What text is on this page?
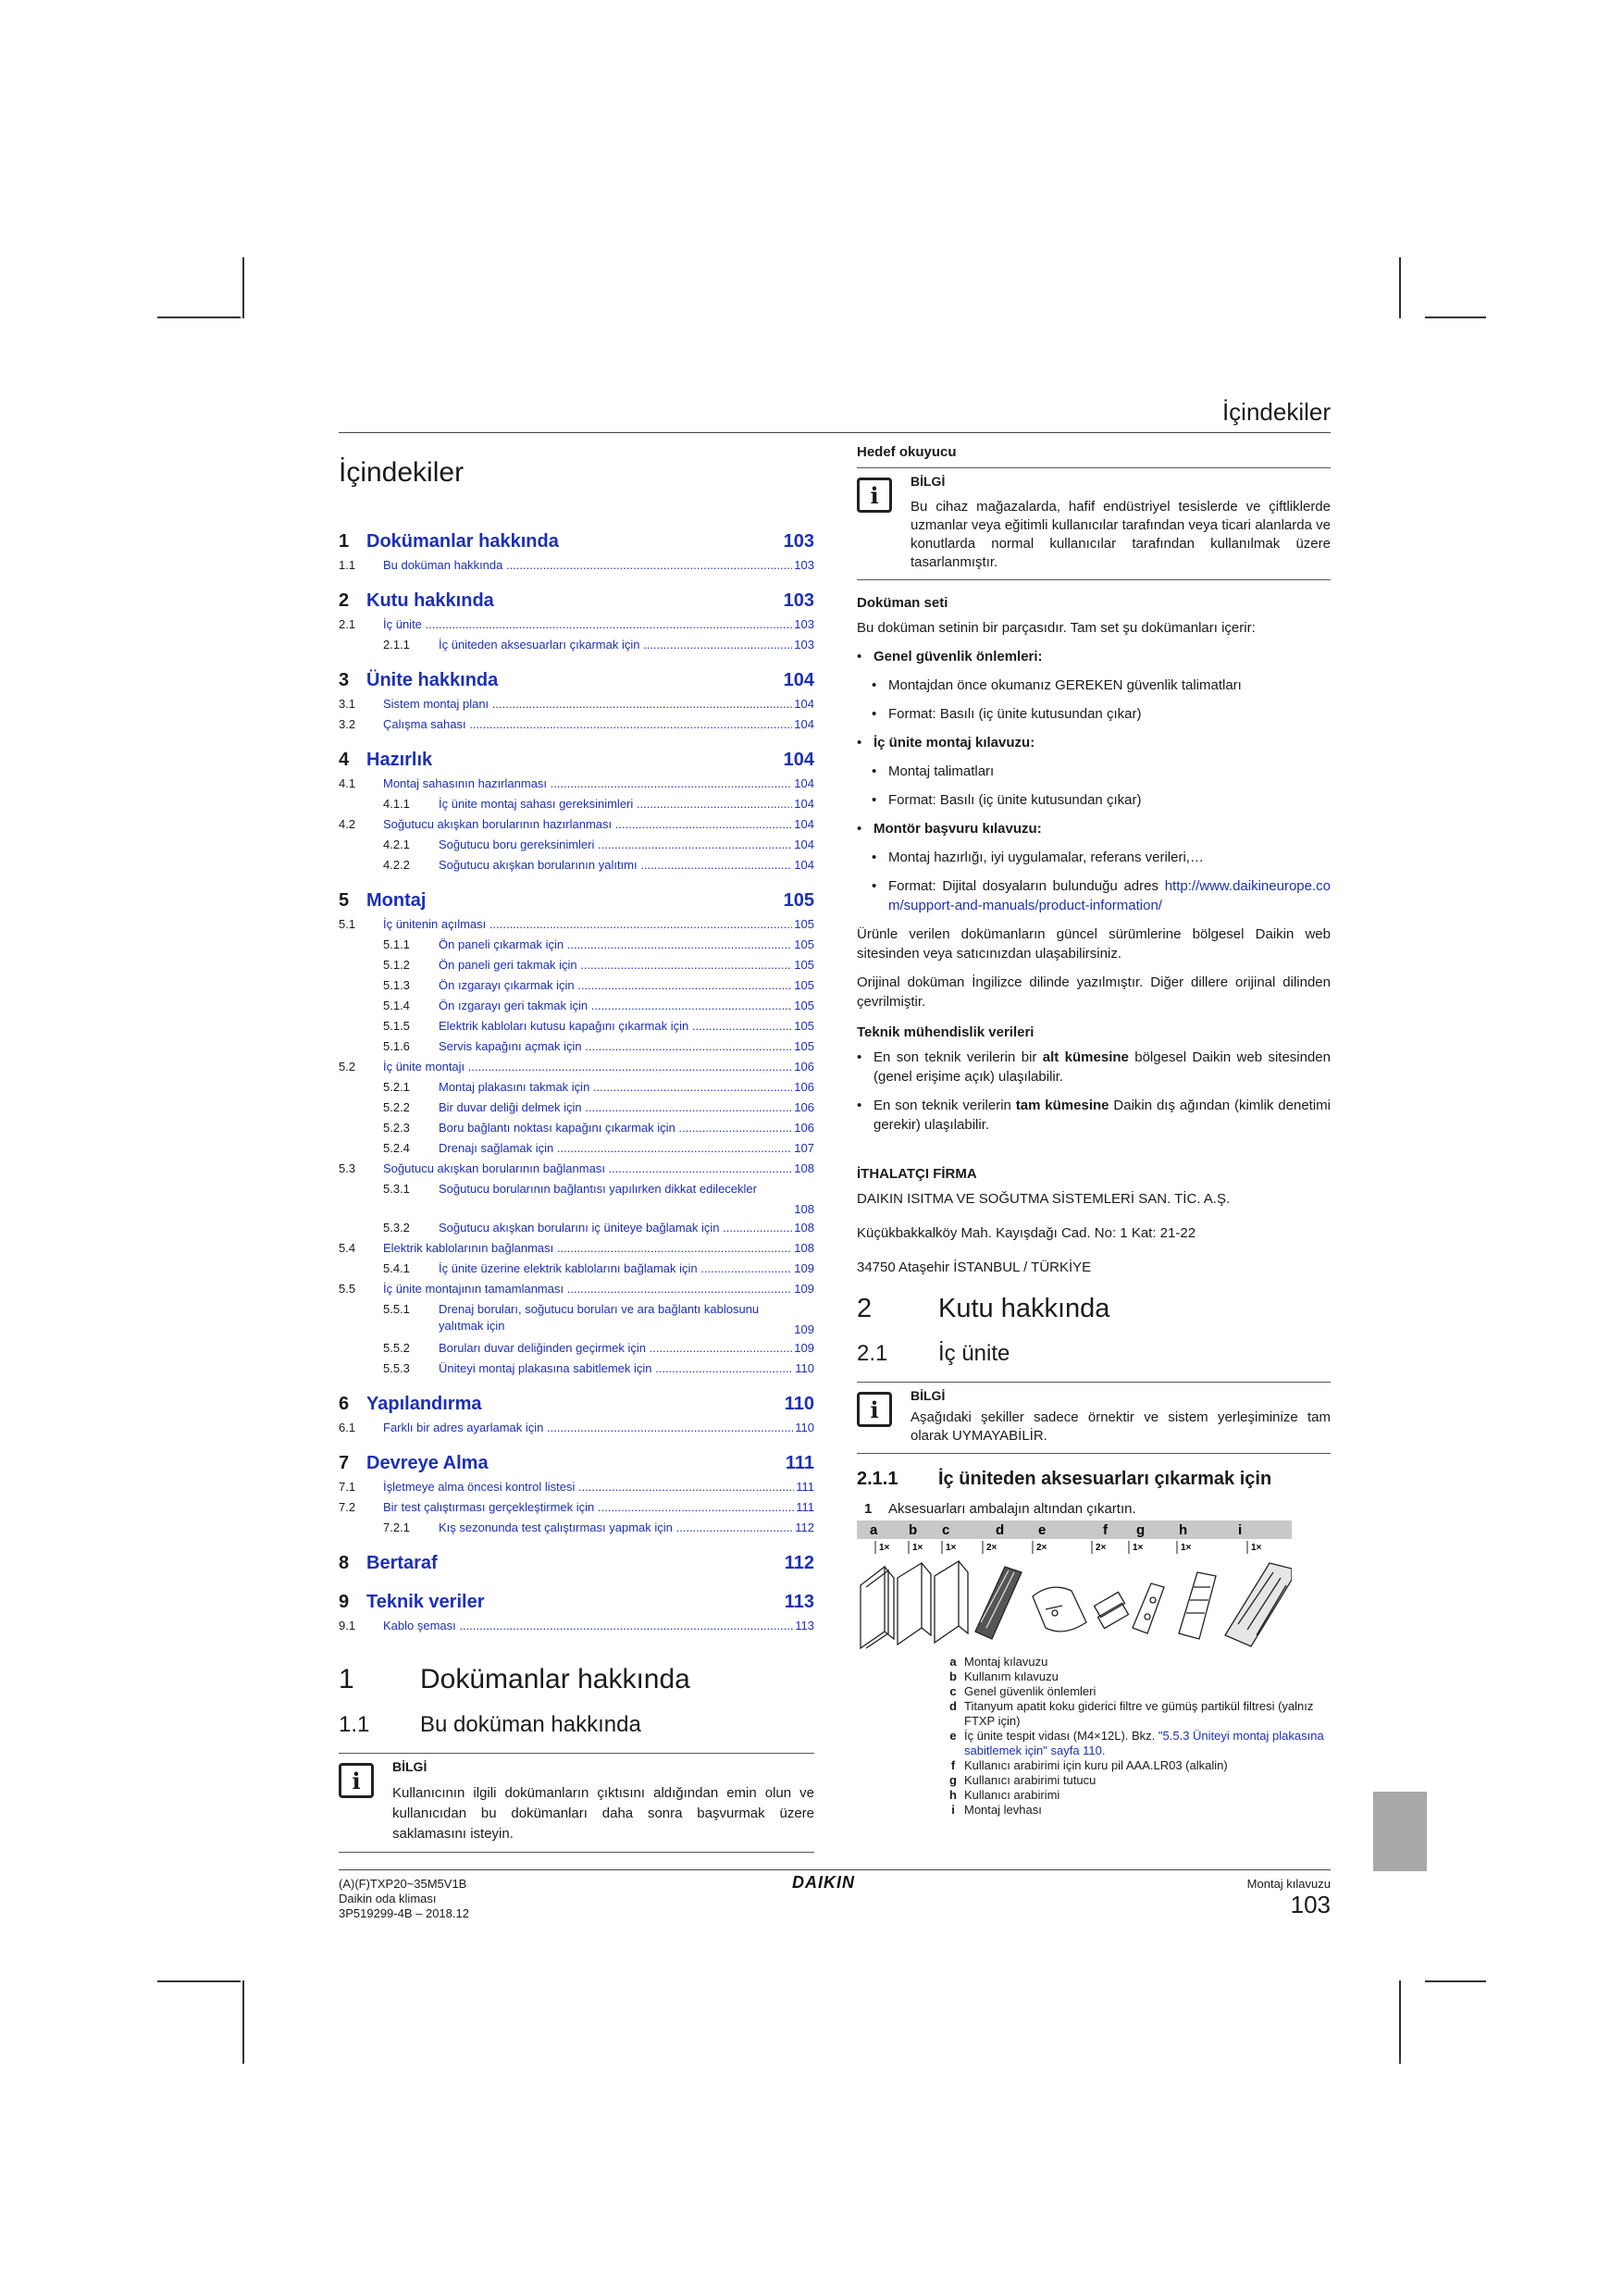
İçindekiler
İçindekiler
1 Dokümanlar hakkında	103
1.1	Bu doküman hakkında .....	103
2 Kutu hakkında	103
2.1	İç ünite .....	103
2.1.1	İç üniteden aksesuarları çıkarmak için .....	103
3 Ünite hakkında	104
3.1	Sistem montaj planı .....	104
3.2	Çalışma sahası .....	104
4 Hazırlık	104
4.1	Montaj sahasının hazırlanması .....	104
4.1.1	İç ünite montaj sahası gereksinimleri .....	104
4.2	Soğutucu akışkan borularının hazırlanması .....	104
4.2.1	Soğutucu boru gereksinimleri .....	104
4.2.2	Soğutucu akışkan borularının yalıtımı .....	104
5 Montaj	105
5.1	İç ünitenin açılması .....	105
5.1.1	Ön paneli çıkarmak için .....	105
5.1.2	Ön paneli geri takmak için .....	105
5.1.3	Ön ızgarayı çıkarmak için .....	105
5.1.4	Ön ızgarayı geri takmak için .....	105
5.1.5	Elektrik kabloları kutusu kapağını çıkarmak için .....	105
5.1.6	Servis kapağını açmak için .....	105
5.2	İç ünite montajı .....	106
5.2.1	Montaj plakasını takmak için .....	106
5.2.2	Bir duvar deliği delmek için .....	106
5.2.3	Boru bağlantı noktası kapağını çıkarmak için .....	106
5.2.4	Drenajı sağlamak için .....	107
5.3	Soğutucu akışkan borularının bağlanması .....	108
5.3.1	Soğutucu borularının bağlantısı yapılırken dikkat edilecekler
108
5.3.2	Soğutucu akışkan borularını iç üniteye bağlamak için .....	108
5.4	Elektrik kablolarının bağlanması .....	108
5.4.1	İç ünite üzerine elektrik kablolarını bağlamak için .....	109
5.5	İç ünite montajının tamamlanması .....	109
5.5.1	Drenaj boruları, soğutucu boruları ve ara bağlantı kablosunu yalıtmak için	109
5.5.2	Boruları duvar deliğinden geçirmek için .....	109
5.5.3	Üniteyi montaj plakasına sabitlemek için .....	110
6 Yapılandırma	110
6.1	Farklı bir adres ayarlamak için .....	110
7 Devreye Alma	111
7.1	İşletmeye alma öncesi kontrol listesi .....	111
7.2	Bir test çalıştırması gerçekleştirmek için .....	111
7.2.1	Kış sezonunda test çalıştırması yapmak için .....	112
8 Bertaraf	112
9 Teknik veriler	113
9.1	Kablo şeması .....	113
1	Dokümanlar hakkında
1.1	Bu doküman hakkında
i
BİLGİ
Kullanıcının ilgili dokümanların çıktısını aldığından emin olun ve kullanıcıdan bu dokümanları daha sonra başvurmak üzere saklamasını isteyin.
Hedef okuyucu
i
BİLGİ
Bu cihaz mağazalarda, hafif endüstriyel tesislerde ve çiftliklerde uzmanlar veya eğitimli kullanıcılar tarafından veya ticari alanlarda ve konutlarda normal kullanıcılar tarafından kullanılmak üzere tasarlanmıştır.
Doküman seti

Bu doküman setinin bir parçasıdır. Tam set şu dokümanları içerir:

• Genel güvenlik önlemleri:
• Montajdan önce okumanız GEREKEN güvenlik talimatları
• Format: Basılı (iç ünite kutusundan çıkar)
• İç ünite montaj kılavuzu:
• Montaj talimatları
• Format: Basılı (iç ünite kutusundan çıkar)
• Montör başvuru kılavuzu:
• Montaj hazırlığı, iyi uygulamalar, referans verileri,…
• Format: Dijital dosyaların bulunduğu adres http://www.daikineurope.com/support-and-manuals/product-information/

Ürünle verilen dokümanların güncel sürümlerine bölgesel Daikin web sitesinden veya satıcınızdan ulaşabilirsiniz.

Orijinal doküman İngilizce dilinde yazılmıştır. Diğer dillere orijinal dilinden çevrilmiştir.

Teknik mühendislik verileri
• En son teknik verilerin bir alt kümesine bölgesel Daikin web sitesinden (genel erişime açık) ulaşılabilir.
• En son teknik verilerin tam kümesine Daikin dış ağından (kimlik denetimi gerekir) ulaşılabilir.
İTHALATÇI FİRMA

DAIKIN ISITMA VE SOĞUTMA SİSTEMLERİ SAN. TİC. A.Ş.

Küçükbakkalköy Mah. Kayışdağı Cad. No: 1 Kat: 21-22

34750 Ataşehir İSTANBUL / TÜRKİYE

2	Kutu hakkında
2.1	İç ünite
i
BİLGİ
Aşağıdaki şekiller sadece örnektir ve sistem yerleşiminize tam olarak UYMAYABİLİR.
2.1.1	İç üniteden aksesuarları çıkarmak için
1	Aksesuarları ambalajın altından çıkartın.
a b c	d e	f g h	i
1× 1× 1×	2×	2×	2×	1×	1×	1×
a Montaj kılavuzu
b Kullanım kılavuzu
c Genel güvenlik önlemleri
d Titanyum apatit koku giderici filtre ve gümüş partikül filtresi (yalnız FTXP için)
e İç ünite tespit vidası (M4×12L). Bkz. "5.5.3 Üniteyi montaj plakasına sabitlemek için" sayfa 110.
f Kullanıcı arabirimi için kuru pil AAA.LR03 (alkalin)
g Kullanıcı arabirimi tutucu
h Kullanıcı arabirimi
i Montaj levhası
(A)(F)TXP20~35M5V1B
Daikin oda kliması
3P519299-4B – 2018.12
DAIKIN	Montaj kılavuzu
103
